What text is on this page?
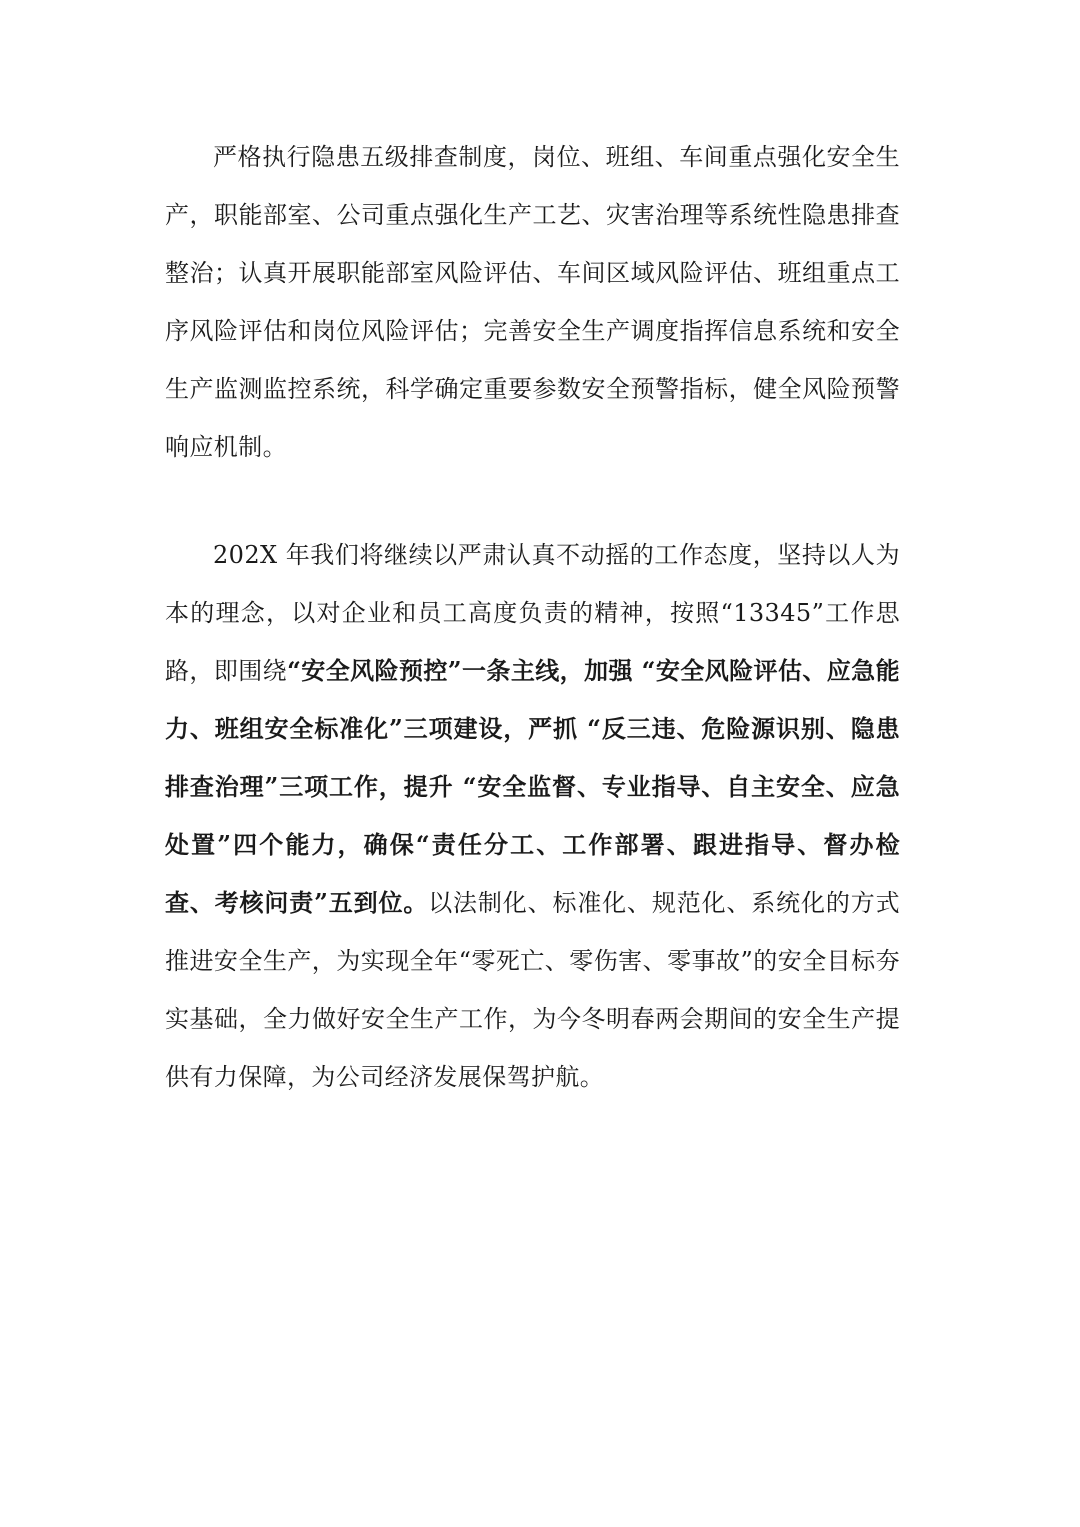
严格执行隐患五级排查制度，岗位、班组、车间重点强化安全生产，职能部室、公司重点强化生产工艺、灾害治理等系统性隐患排查整治；认真开展职能部室风险评估、车间区域风险评估、班组重点工序风险评估和岗位风险评估；完善安全生产调度指挥信息系统和安全生产监测监控系统，科学确定重要参数安全预警指标，健全风险预警响应机制。

202X 年我们将继续以严肃认真不动摇的工作态度，坚持以人为本的理念，以对企业和员工高度负责的精神，按照“13345”工作思路，即围绕“安全风险预控”一条主线，加强 “安全风险评估、应急能力、班组安全标准化”三项建设，严抓 “反三违、危险源识别、隐患排查治理”三项工作，提升 “安全监督、专业指导、自主安全、应急处置”四个能力，确保“责任分工、工作部署、跟进指导、督办检查、考核问责”五到位。以法制化、标准化、规范化、系统化的方式推进安全生产，为实现全年“零死亡、零伤害、零事故”的安全目标夯实基础，全力做好安全生产工作，为今冬明春两会期间的安全生产提供有力保障，为公司经济发展保驾护航。
